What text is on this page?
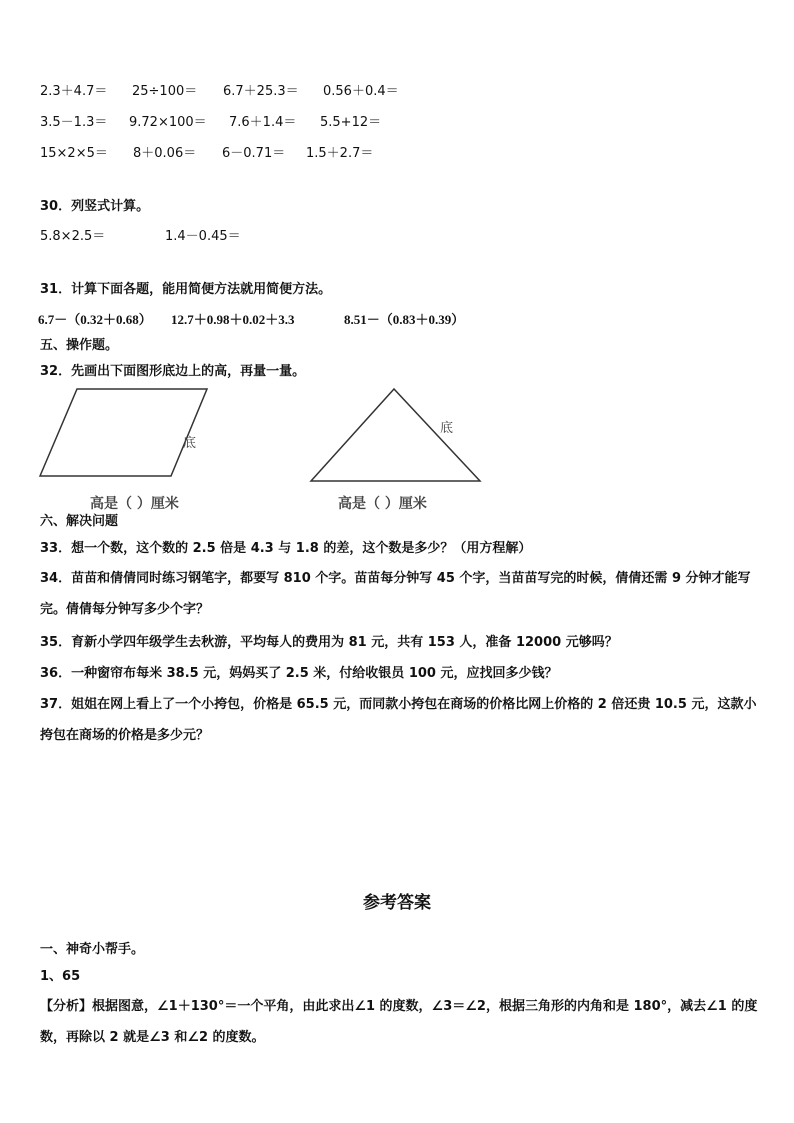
2.3＋4.7＝ 25÷100＝ 6.7＋25.3＝ 0.56＋0.4＝
3.5－1.3＝ 9.72×100＝ 7.6＋1.4＝ 5.5+12＝
15×2×5＝ 8＋0.06＝ 6－0.71＝ 1.5＋2.7＝
30．列竖式计算。
5.8×2.5＝	1.4－0.45＝
31．计算下面各题，能用简便方法就用简便方法。
6.7－（0.32＋0.68） 12.7＋0.98＋0.02＋3.3	8.51－（0.83＋0.39）
五、操作题。
32．先画出下面图形底边上的高，再量一量。
底
高是（ ）厘米
底
高是（ ）厘米
六、解决问题
33．想一个数，这个数的 2.5 倍是 4.3 与 1.8 的差，这个数是多少？（用方程解）
34．苗苗和倩倩同时练习钢笔字，都要写 810 个字。苗苗每分钟写 45 个字，当苗苗写完的时候，倩倩还需 9 分钟才能写完。倩倩每分钟写多少个字？
35．育新小学四年级学生去秋游，平均每人的费用为 81 元，共有 153 人，准备 12000 元够吗？
36．一种窗帘布每米 38.5 元，妈妈买了 2.5 米，付给收银员 100 元，应找回多少钱？
37．姐姐在网上看上了一个小挎包，价格是 65.5 元，而同款小挎包在商场的价格比网上价格的 2 倍还贵 10.5 元，这款小挎包在商场的价格是多少元？
参考答案
一、神奇小帮手。
1、65
【分析】根据图意，∠1＋130°＝一个平角，由此求出∠1 的度数，∠3＝∠2，根据三角形的内角和是 180°，减去∠1 的度数，再除以 2 就是∠3 和∠2 的度数。
